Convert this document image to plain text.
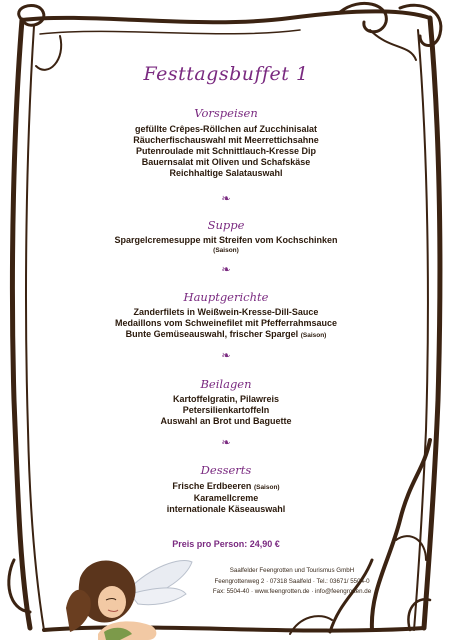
Festtagsbuffet 1
Vorspeisen
gefüllte Crêpes-Röllchen auf Zucchinisalat
Räucherfischauswahl mit Meerrettichsahne
Putenroulade mit Schnittlauch-Kresse Dip
Bauernsalat mit Oliven und Schafskäse
Reichhaltige Salatauswahl
❧
Suppe
Spargelcremesuppe mit Streifen vom Kochschinken
(Saison)
❧
Hauptgerichte
Zanderfilets in Weißwein-Kresse-Dill-Sauce
Medaillons vom Schweinefilet mit Pfefferrahmsauce
Bunte Gemüseauswahl, frischer Spargel (Saison)
❧
Beilagen
Kartoffelgratin, Pilawreis
Petersilienkartoffeln
Auswahl an Brot und Baguette
❧
Desserts
Frische Erdbeeren (Saison)
Karamellcreme
internationale Käseauswahl
Preis pro Person: 24,90 €
Saalfelder Feengrotten und Tourismus GmbH
Feengrottenweg 2 · 07318 Saalfeld · Tel.: 03671/ 5504-0
Fax: 5504-40 · www.feengrotten.de · info@feengrotten.de
